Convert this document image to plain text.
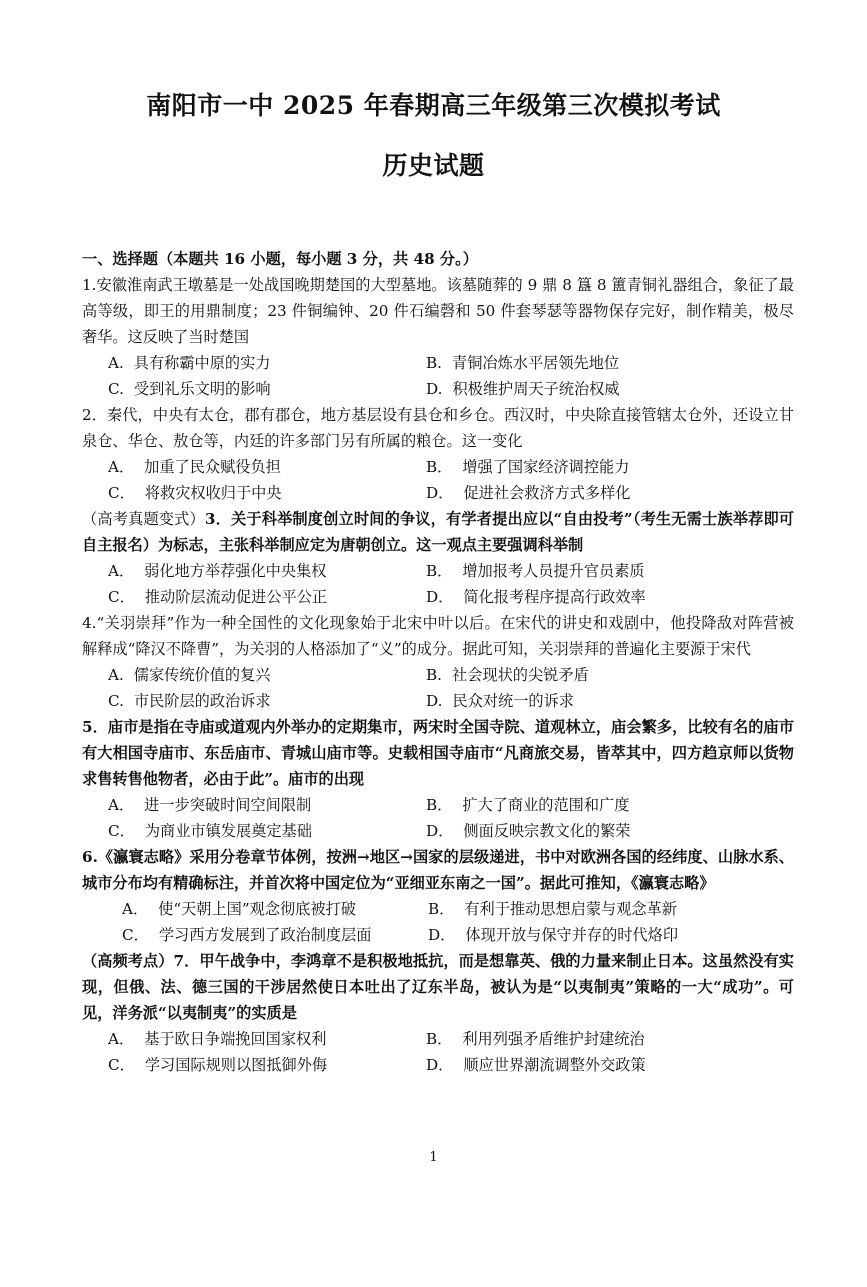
南阳市一中 2025 年春期高三年级第三次模拟考试
历史试题
一、选择题（本题共 16 小题，每小题 3 分，共 48 分。）

1.安徽淮南武王墩墓是一处战国晚期楚国的大型墓地。该墓随葬的 9 鼎 8 簋 8 簠青铜礼器组合，象征了最高等级，即王的用鼎制度；23 件铜编钟、20 件石编磬和 50 件套琴瑟等器物保存完好，制作精美，极尽奢华。这反映了当时楚国

A. 具有称霸中原的实力	B. 青铜冶炼水平居领先地位
C. 受到礼乐文明的影响	D. 积极维护周天子统治权威

2．秦代，中央有太仓，郡有郡仓，地方基层设有县仓和乡仓。西汉时，中央除直接管辖太仓外，还设立甘泉仓、华仓、敖仓等，内廷的许多部门另有所属的粮仓。这一变化

A． 加重了民众赋役负担	B． 增强了国家经济调控能力
C． 将救灾权收归于中央	D． 促进社会救济方式多样化

（高考真题变式）3．关于科举制度创立时间的争议，有学者提出应以“自由投考”（考生无需士族举荐即可自主报名）为标志，主张科举制应定为唐朝创立。这一观点主要强调科举制

A． 弱化地方举荐强化中央集权	B． 增加报考人员提升官员素质
C． 推动阶层流动促进公平公正	D． 简化报考程序提高行政效率

4.“关羽崇拜”作为一种全国性的文化现象始于北宋中叶以后。在宋代的讲史和戏剧中，他投降敌对阵营被解释成“降汉不降曹”，为关羽的人格添加了“义”的成分。据此可知，关羽崇拜的普遍化主要源于宋代

A. 儒家传统价值的复兴	B. 社会现状的尖锐矛盾
C. 市民阶层的政治诉求	D. 民众对统一的诉求

5．庙市是指在寺庙或道观内外举办的定期集市，两宋时全国寺院、道观林立，庙会繁多，比较有名的庙市有大相国寺庙市、东岳庙市、青城山庙市等。史载相国寺庙市“凡商旅交易，皆萃其中，四方趋京师以货物求售转售他物者，必由于此”。庙市的出现

A． 进一步突破时间空间限制	B． 扩大了商业的范围和广度
C． 为商业市镇发展奠定基础	D． 侧面反映宗教文化的繁荣

6.《瀛寰志略》采用分卷章节体例，按洲→地区→国家的层级递进，书中对欧洲各国的经纬度、山脉水系、城市分布均有精确标注，并首次将中国定位为“亚细亚东南之一国”。据此可推知，《瀛寰志略》

A． 使“天朝上国”观念彻底被打破	B． 有利于推动思想启蒙与观念革新
C． 学习西方发展到了政治制度层面	D． 体现开放与保守并存的时代烙印

（高频考点）7．甲午战争中，李鸿章不是积极地抵抗，而是想靠英、俄的力量来制止日本。这虽然没有实现，但俄、法、德三国的干涉居然使日本吐出了辽东半岛，被认为是“以夷制夷”策略的一大“成功”。可见，洋务派“以夷制夷”的实质是

A． 基于欧日争端挽回国家权利	B． 利用列强矛盾维护封建统治
C． 学习国际规则以图抵御外侮	D． 顺应世界潮流调整外交政策
1
